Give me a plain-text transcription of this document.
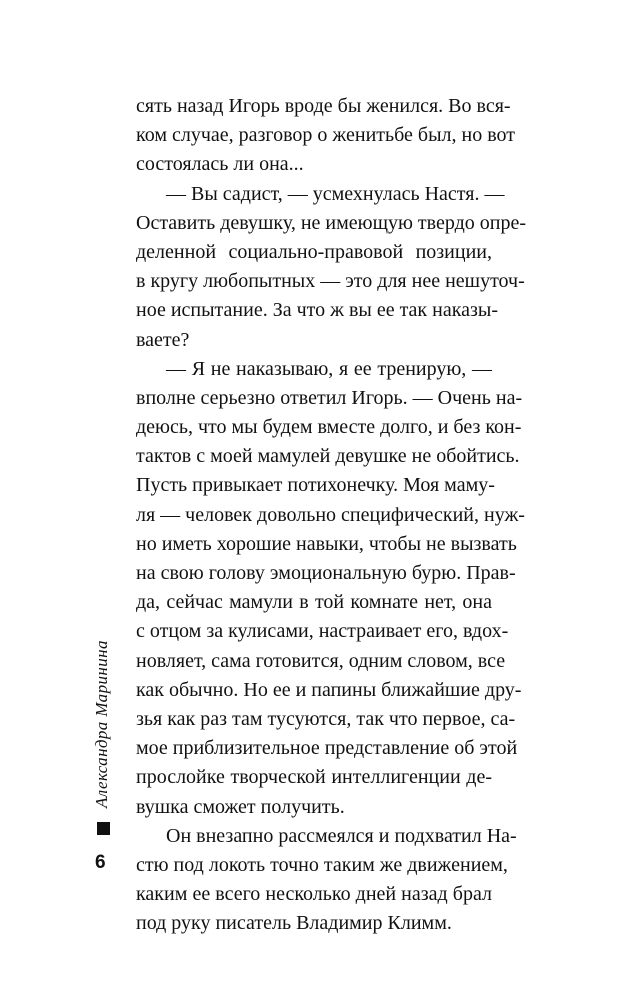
сять назад Игорь вроде бы женился. Во вся-
ком случае, разговор о женитьбе был, но вот
состоялась ли она...
— Вы садист, — усмехнулась Настя. —
Оставить девушку, не имеющую твердо опре-
деленной социально-правовой позиции,
в кругу любопытных — это для нее нешуточ-
ное испытание. За что ж вы ее так наказы-
ваете?
— Я не наказываю, я ее тренирую, —
вполне серьезно ответил Игорь. — Очень на-
деюсь, что мы будем вместе долго, и без кон-
тактов с моей мамулей девушке не обойтись.
Пусть привыкает потихонечку. Моя маму-
ля — человек довольно специфический, нуж-
но иметь хорошие навыки, чтобы не вызвать
на свою голову эмоциональную бурю. Прав-
да, сейчас мамули в той комнате нет, она
с отцом за кулисами, настраивает его, вдох-
новляет, сама готовится, одним словом, все
как обычно. Но ее и папины ближайшие дру-
зья как раз там тусуются, так что первое, са-
мое приблизительное представление об этой
прослойке творческой интеллигенции де-
вушка сможет получить.
Он внезапно рассмеялся и подхватил На-
стю под локоть точно таким же движением,
каким ее всего несколько дней назад брал
под руку писатель Владимир Климм.
Александра Маринина
6
